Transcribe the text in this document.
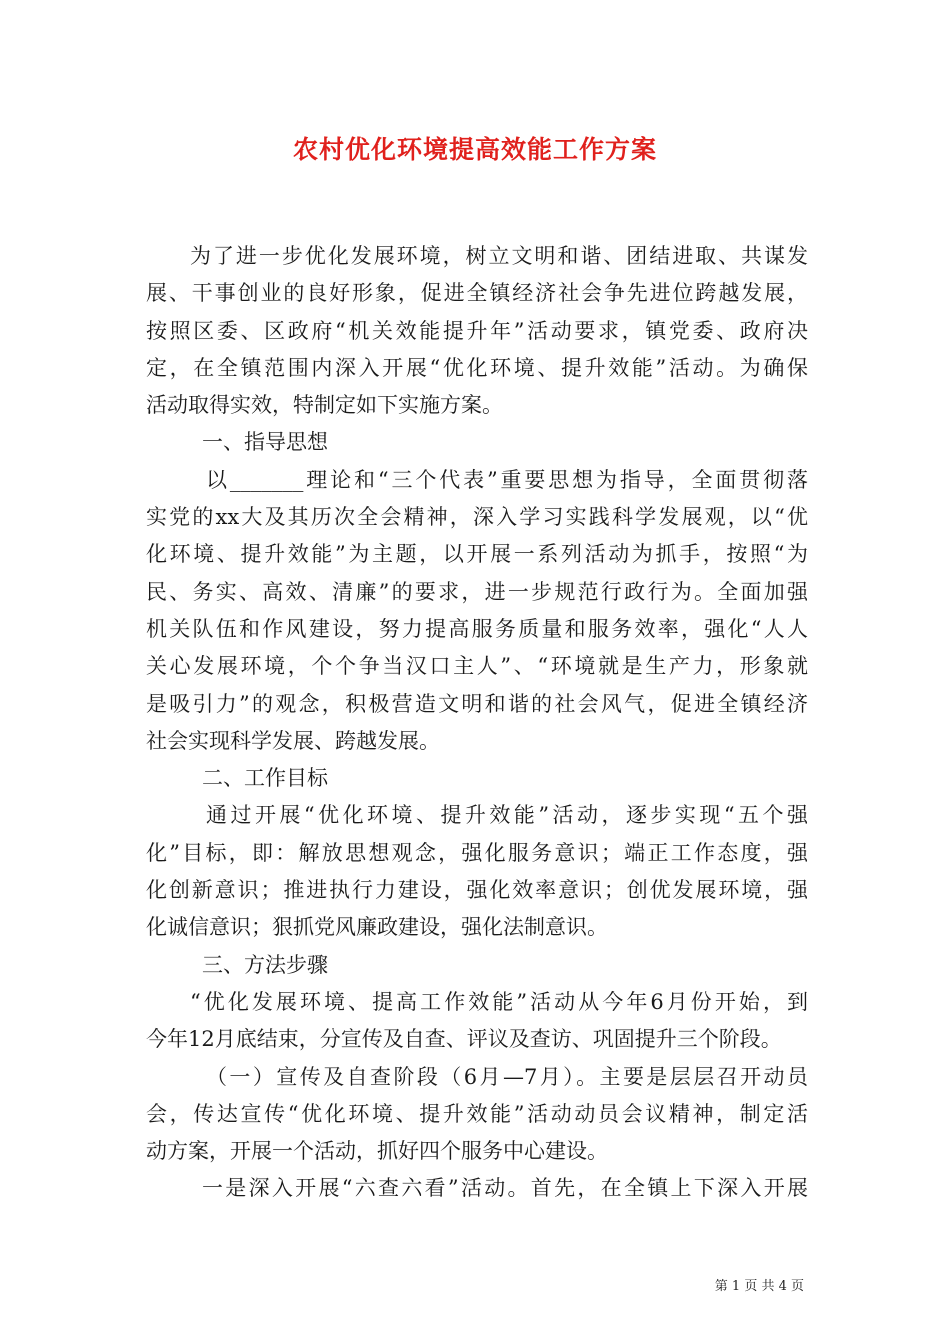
农村优化环境提高效能工作方案
为了进一步优化发展环境，树立文明和谐、团结进取、共谋发
展、干事创业的良好形象，促进全镇经济社会争先进位跨越发展，
按照区委、区政府“机关效能提升年”活动要求，镇党委、政府决
定，在全镇范围内深入开展“优化环境、提升效能”活动。为确保
活动取得实效，特制定如下实施方案。
一、指导思想
以_______理论和“三个代表”重要思想为指导，全面贯彻落
实党的xx大及其历次全会精神，深入学习实践科学发展观，以“优
化环境、提升效能”为主题，以开展一系列活动为抓手，按照“为
民、务实、高效、清廉”的要求，进一步规范行政行为。全面加强
机关队伍和作风建设，努力提高服务质量和服务效率，强化“人人
关心发展环境，个个争当汉口主人”、“环境就是生产力，形象就
是吸引力”的观念，积极营造文明和谐的社会风气，促进全镇经济
社会实现科学发展、跨越发展。
二、工作目标
通过开展“优化环境、提升效能”活动，逐步实现“五个强
化”目标，即：解放思想观念，强化服务意识；端正工作态度，强
化创新意识；推进执行力建设，强化效率意识；创优发展环境，强
化诚信意识；狠抓党风廉政建设，强化法制意识。
三、方法步骤
“优化发展环境、提高工作效能”活动从今年6月份开始，到
今年12月底结束，分宣传及自查、评议及查访、巩固提升三个阶段。
（一）宣传及自查阶段（6月—7月）。主要是层层召开动员
会，传达宣传“优化环境、提升效能”活动动员会议精神，制定活
动方案，开展一个活动，抓好四个服务中心建设。
一是深入开展“六查六看”活动。首先，在全镇上下深入开展
第 1 页 共 4 页
